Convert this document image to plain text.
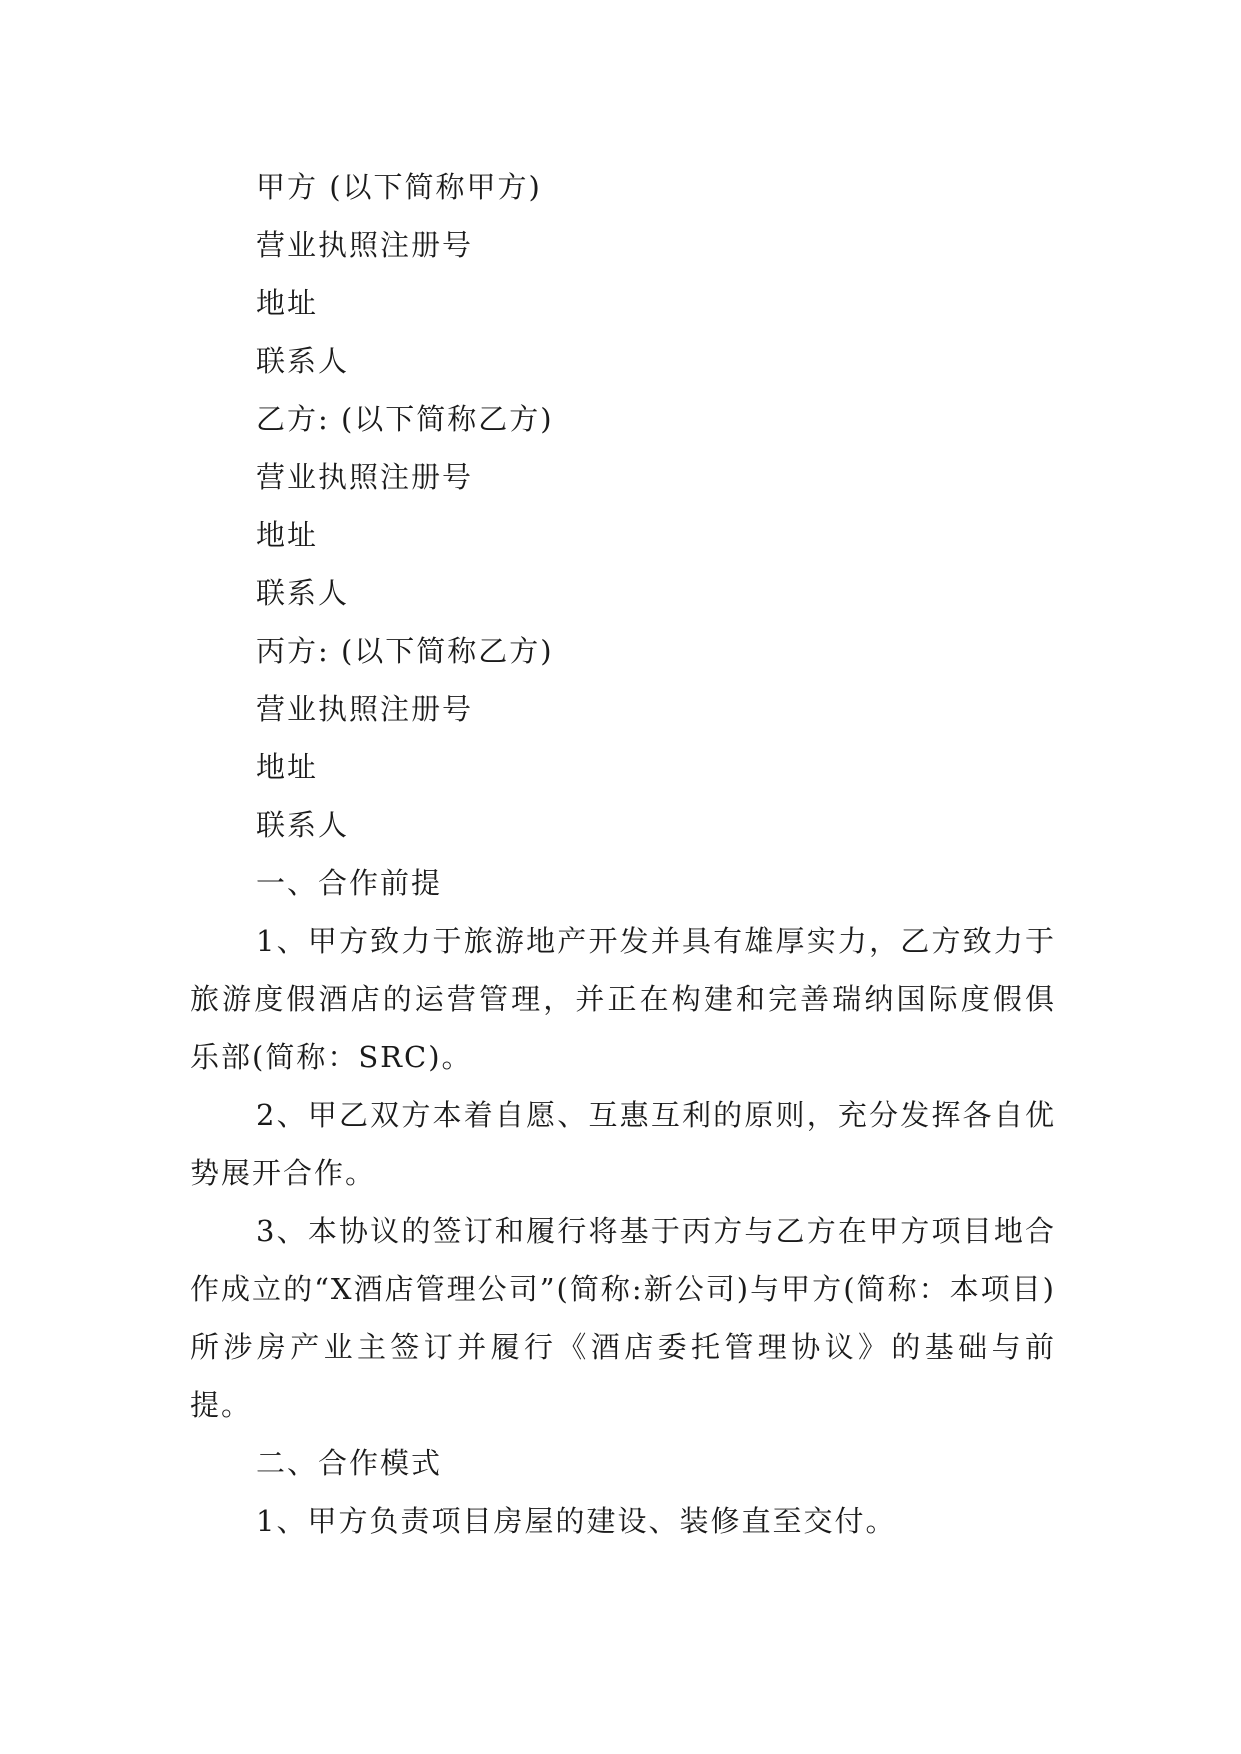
甲方 (以下简称甲方)

营业执照注册号

地址

联系人

乙方: (以下简称乙方)

营业执照注册号

地址

联系人

丙方: (以下简称乙方)

营业执照注册号

地址

联系人

一、合作前提

1、甲方致力于旅游地产开发并具有雄厚实力，乙方致力于旅游度假酒店的运营管理，并正在构建和完善瑞纳国际度假俱乐部(简称：SRC)。

2、甲乙双方本着自愿、互惠互利的原则，充分发挥各自优势展开合作。

3、本协议的签订和履行将基于丙方与乙方在甲方项目地合作成立的“X酒店管理公司”(简称:新公司)与甲方(简称：本项目)所涉房产业主签订并履行《酒店委托管理协议》的基础与前提。

二、合作模式

1、甲方负责项目房屋的建设、装修直至交付。
